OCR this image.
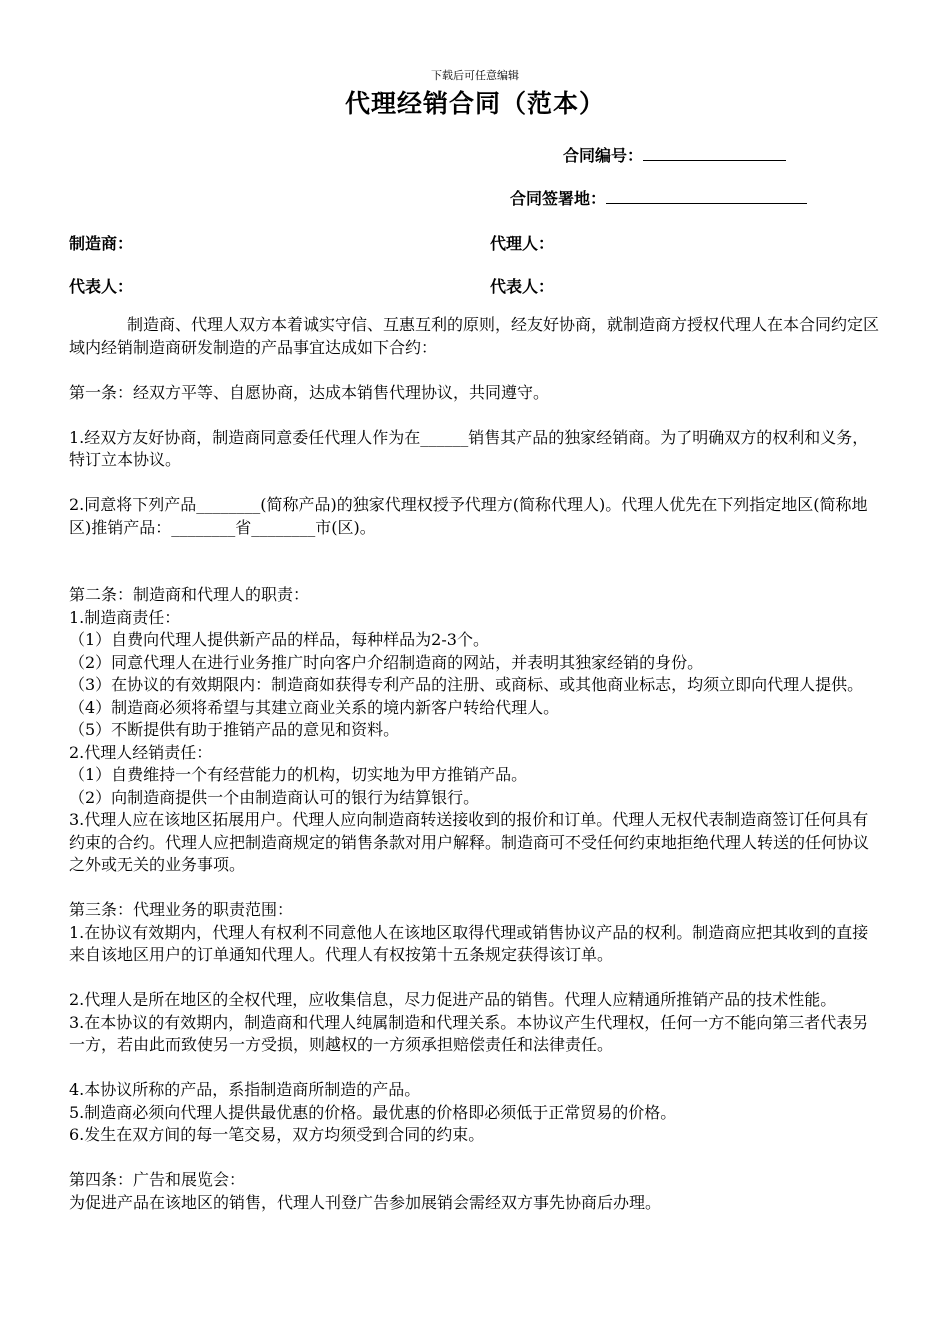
下载后可任意编辑
代理经销合同（范本）
合同编号：
合同签署地：
制造商：	代理人：
代表人：	代表人：

制造商、代理人双方本着诚实守信、互惠互利的原则，经友好协商，就制造商方授权代理人在本合同约定区域内经销制造商研发制造的产品事宜达成如下合约：

第一条：经双方平等、自愿协商，达成本销售代理协议，共同遵守。

1.经双方友好协商，制造商同意委任代理人作为在______销售其产品的独家经销商。为了明确双方的权利和义务，特订立本协议。

2.同意将下列产品________(简称产品)的独家代理权授予代理方(简称代理人)。代理人优先在下列指定地区(简称地区)推销产品：________省________市(区)。

第二条：制造商和代理人的职责：

1.制造商责任：

（1）自费向代理人提供新产品的样品，每种样品为2-3个。

（2）同意代理人在进行业务推广时向客户介绍制造商的网站，并表明其独家经销的身份。

（3）在协议的有效期限内：制造商如获得专利产品的注册、或商标、或其他商业标志，均须立即向代理人提供。

（4）制造商必须将希望与其建立商业关系的境内新客户转给代理人。

（5）不断提供有助于推销产品的意见和资料。

2.代理人经销责任：

（1）自费维持一个有经营能力的机构，切实地为甲方推销产品。

（2）向制造商提供一个由制造商认可的银行为结算银行。

3.代理人应在该地区拓展用户。代理人应向制造商转送接收到的报价和订单。代理人无权代表制造商签订任何具有约束的合约。代理人应把制造商规定的销售条款对用户解释。制造商可不受任何约束地拒绝代理人转送的任何协议之外或无关的业务事项。

第三条：代理业务的职责范围：

1.在协议有效期内，代理人有权利不同意他人在该地区取得代理或销售协议产品的权利。制造商应把其收到的直接来自该地区用户的订单通知代理人。代理人有权按第十五条规定获得该订单。

2.代理人是所在地区的全权代理，应收集信息，尽力促进产品的销售。代理人应精通所推销产品的技术性能。

3.在本协议的有效期内，制造商和代理人纯属制造和代理关系。本协议产生代理权，任何一方不能向第三者代表另一方，若由此而致使另一方受损，则越权的一方须承担赔偿责任和法律责任。

4.本协议所称的产品，系指制造商所制造的产品。

5.制造商必须向代理人提供最优惠的价格。最优惠的价格即必须低于正常贸易的价格。

6.发生在双方间的每一笔交易，双方均须受到合同的约束。

第四条：广告和展览会：

为促进产品在该地区的销售，代理人刊登广告参加展销会需经双方事先协商后办理。
